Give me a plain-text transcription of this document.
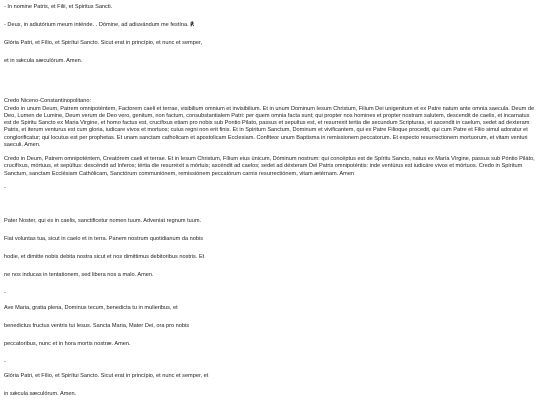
- In nomine Patris, et Filii, et Spiritus Sancti.

- Deus, in adiutórium meum inténde. . Dómine, ad adiuvándum me festína. ℟

Glória Patri, et Fílio, et Spirítui Sancto. Sicut erat in princípio, et nunc et semper,

et in sǽcula sæculórum. Amen.

Credo Niceno-Constantinopolitano:

Credo in unum Deum, Patrem omnipoténtem, Factorem caeli et terrae, visibilium omnium et invisibilium. Et in unum Dominum Iesum Christum, Filium Dei unigenitum et ex Patre natum ante omnia saecula. Deum de Deo, Lumen de Lumine, Deum verum de Deo vero, genitum, non factum, consubstantialem Patri: per quem omnia facta sunt; qui propter nos homines et propter nostram salutem, descendit de caelis, et incarnatus est de Spiritu Sancto ex Maria Virgine, et homo factus est, crucifixus etiam pro nobis sub Pontio Pilato, passus et sepultus est, et resurrexit tertia die secundum Scripturas, et ascendit in caelum, sedet ad dexteram Patris, et iterum venturus est cum gloria, iudicare vivos et mortuos; cuius regni non erit finis. Et in Spiritum Sanctum, Dominum et vivificantem, qui ex Patre Filioque procedit, qui cum Patre et Filio simul adoratur et conglorificatur; qui locutus est per prophetas. Et unam sanctam catholicam et apostolicam Ecclesiam. Confiteor unum Baptisma in remissionem peccatorum. Et expecto resurrectionem mortuorum, et vitam venturi saeculi. Amen.

Credo in Deum, Patrem omnipoténtem, Creatórem caeli et terrae. Et in Iesum Christum, Fílium eius únicum, Dóminum nostrum: qui concéptus est de Spíritu Sancto, natus ex María Vírgine, passus sub Póntio Piláto, crucifíxus, mórtuus, et sepúltus: descéndit ad ínferos; tértia die resurréxit a mórtuis; ascéndit ad caelos; sedet ad déxteram Dei Patris omnipoténtis: inde ventúrus est iudicáre vivos et mórtuos. Credo in Spíritum Sanctum, sanctam Ecclésiam Cathólicam, Sanctórum communiónem, remissiónem peccatórum carnis resurrectiónem, vitam ætérnam. Amen

-

Pater Noster, qui es in caelis, sanctificetur nomen tuum. Adveniat regnum tuum.

Fiat voluntas tua, sicut in caelo et in terra. Panem nostrum quotidianum da nobis

hodie, et dimitte nobis debita nostra sicut et nos dimittimus debitoribus nostris. Et

ne nos inducas in tentationem, sed libera nos a malo. Amen.

-

Ave Maria, gratia plena, Dominus tecum, benedicta tu in mulieribus, et

benedictus fructus ventris tui Iesus. Sancta Maria, Mater Dei, ora pro nobis

peccatoribus, nunc et in hora mortis nostræ. Amen.

-

Glória Patri, et Fílio, et Spirítui Sancto. Sicut erat in princípio, et nunc et semper, et

in sǽcula sæculórum. Amen.
